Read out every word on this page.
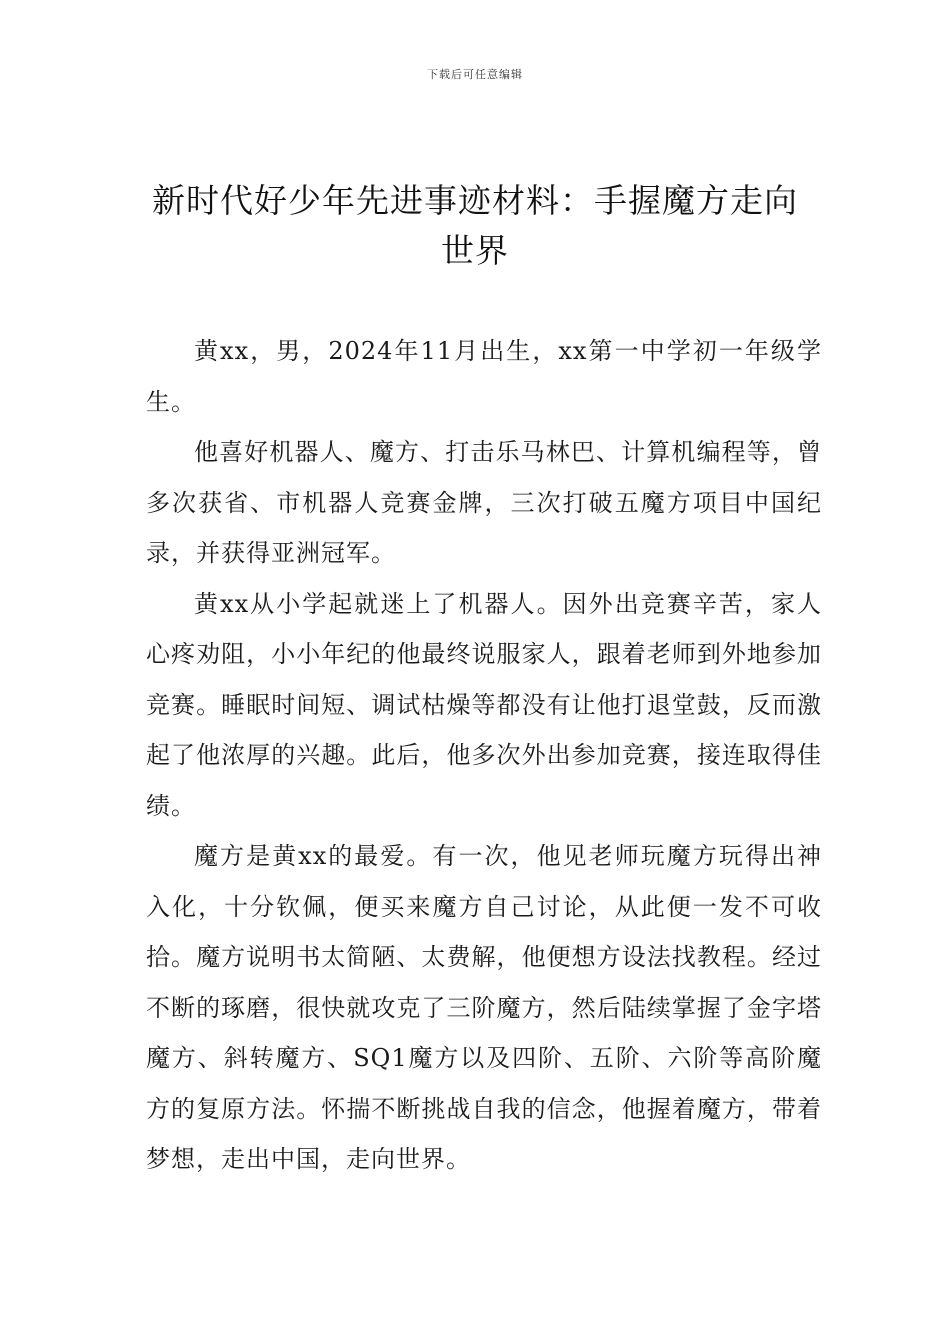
下载后可任意编辑
新时代好少年先进事迹材料：手握魔方走向世界

黄xx，男，2024年11月出生，xx第一中学初一年级学生。

他喜好机器人、魔方、打击乐马林巴、计算机编程等，曾多次获省、市机器人竞赛金牌，三次打破五魔方项目中国纪录，并获得亚洲冠军。

黄xx从小学起就迷上了机器人。因外出竞赛辛苦，家人心疼劝阻，小小年纪的他最终说服家人，跟着老师到外地参加竞赛。睡眠时间短、调试枯燥等都没有让他打退堂鼓，反而激起了他浓厚的兴趣。此后，他多次外出参加竞赛，接连取得佳绩。

魔方是黄xx的最爱。有一次，他见老师玩魔方玩得出神入化，十分钦佩，便买来魔方自己讨论，从此便一发不可收拾。魔方说明书太简陋、太费解，他便想方设法找教程。经过不断的琢磨，很快就攻克了三阶魔方，然后陆续掌握了金字塔魔方、斜转魔方、SQ1魔方以及四阶、五阶、六阶等高阶魔方的复原方法。怀揣不断挑战自我的信念，他握着魔方，带着梦想，走出中国，走向世界。
